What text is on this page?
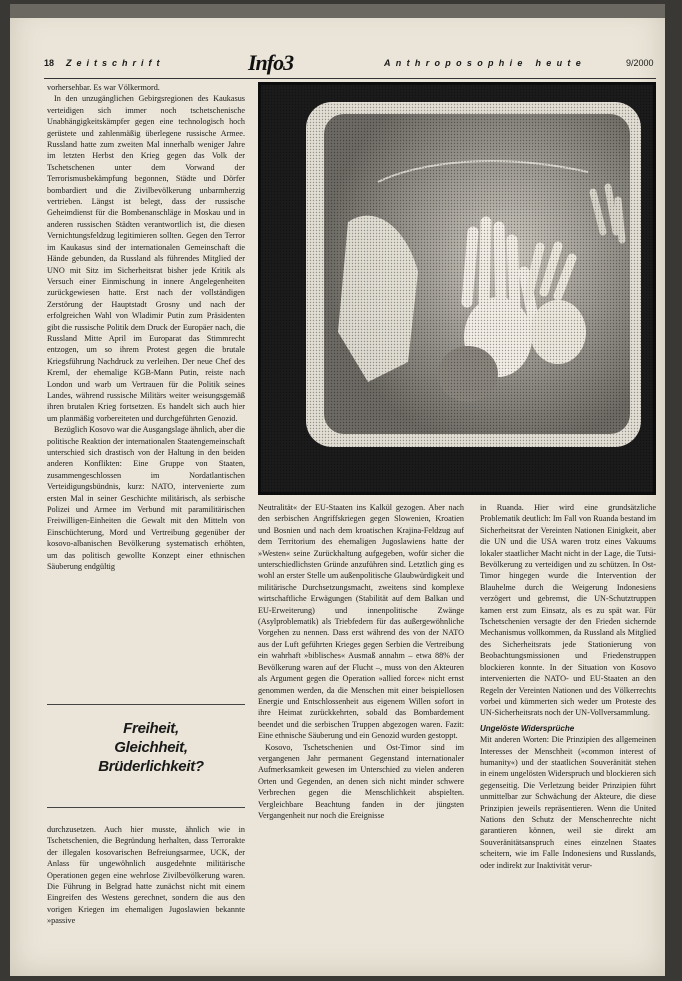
18 Zeitschrift	Info3	Anthroposophie heute	9/2000

vorhersehbar. Es war Völkermord.

In den unzugänglichen Gebirgsregionen des Kaukasus verteidigen sich immer noch tschetschenische Unabhängigkeitskämpfer gegen eine technologisch hoch gerüstete und zahlenmäßig überlegene russische Armee. Russland hatte zum zweiten Mal innerhalb weniger Jahre im letzten Herbst den Krieg gegen das Volk der Tschetschenen unter dem Vorwand der Terrorismusbekämpfung begonnen, Städte und Dörfer bombardiert und die Zivilbevölkerung unbarmherzig vertrieben. Längst ist belegt, dass der russische Geheimdienst für die Bombenanschläge in Moskau und in anderen russischen Städten verantwortlich ist, die diesen Vernichtungsfeldzug legitimieren sollten. Gegen den Terror im Kaukasus sind der internationalen Gemeinschaft die Hände gebunden, da Russland als führendes Mitglied der UNO mit Sitz im Sicherheitsrat bisher jede Kritik als Versuch einer Einmischung in innere Angelegenheiten zurückgewiesen hatte. Erst nach der vollständigen Zerstörung der Hauptstadt Grosny und nach der erfolgreichen Wahl von Wladimir Putin zum Präsidenten gibt die russische Politik dem Druck der Europäer nach, die Russland Mitte April im Europarat das Stimmrecht entzogen, um so ihrem Protest gegen die brutale Kriegsführung Nachdruck zu verleihen. Der neue Chef des Kreml, der ehemalige KGB-Mann Putin, reiste nach London und warb um Vertrauen für die Politik seines Landes, während russische Militärs weiter weisungsgemäß ihren brutalen Krieg fortsetzen. Es handelt sich auch hier um planmäßig vorbereiteten und durchgeführten Genozid.

Bezüglich Kosovo war die Ausgangslage ähnlich, aber die politische Reaktion der internationalen Staatengemeinschaft unterschied sich drastisch von der Haltung in den beiden anderen Konflikten: Eine Gruppe von Staaten, zusammengeschlossen im Nordatlantischen Verteidigungsbündnis, kurz: NATO, intervenierte zum ersten Mal in seiner Geschichte militärisch, als serbische Polizei und Armee im Verbund mit paramilitärischen Freiwilligen-Einheiten die Gewalt mit den Mitteln von Einschüchterung, Mord und Vertreibung gegenüber der kosovo-albanischen Bevölkerung systematisch erhöhten, um das politisch gewollte Konzept einer ethnischen Säuberung endgültig

Freiheit,
Gleichheit,
Brüderlichkeit?

durchzusetzen. Auch hier musste, ähnlich wie in Tschetschenien, die Begründung herhalten, dass Terroraktе der illegalen kosovarischen Befreiungsarmee, UCK, der Anlass für ungewöhnlich ausgedehnte militärische Operationen gegen eine wehrlose Zivilbevölkerung waren. Die Führung in Belgrad hatte zunächst nicht mit einem Eingreifen des Westens gerechnet, sondern die aus den vorigen Kriegen im ehemaligen Jugoslawien bekannte »passive

Neutralität« der EU-Staaten ins Kalkül gezogen. Aber nach den serbischen Angriffskriegen gegen Slowenien, Kroatien und Bosnien und nach dem kroatischen Krajina-Feldzug auf dem Territorium des ehemaligen Jugoslawiens hatte der »Westen« seine Zurückhaltung aufgegeben, wofür sicher die unterschiedlichsten Gründe anzuführen sind. Letztlich ging es wohl an erster Stelle um außenpolitische Glaubwürdigkeit und militärische Durchsetzungsmacht, zweitens sind komplexe wirtschaftliche Erwägungen (Stabilität auf dem Balkan und EU-Erweiterung) und innenpolitische Zwänge (Asylproblematik) als Triebfedern für das außergewöhnliche Vorgehen zu nennen. Dass erst während des von der NATO aus der Luft geführten Krieges gegen Serbien die Vertreibung ein wahrhaft »biblisches« Ausmaß annahm – etwa 88% der Bevölkerung waren auf der Flucht –, muss von den Akteuren als Argument gegen die Operation »allied force« nicht ernst genommen werden, da die Menschen mit einer beispiellosen Energie und Entschlossenheit aus eigenem Willen sofort in ihre Heimat zurückkehrten, sobald das Bombardement beendet und die serbischen Truppen abgezogen waren. Fazit: Eine ethnische Säuberung und ein Genozid wurden gestoppt.

Kosovo, Tschetschenien und Ost-Timor sind im vergangenen Jahr permanent Gegenstand internationaler Aufmerksamkeit gewesen im Unterschied zu vielen anderen Orten und Gegenden, an denen sich nicht minder schwere Verbrechen gegen die Menschlichkeit abspielten. Vergleichbare Beachtung fanden in der jüngsten Vergangenheit nur noch die Ereignisse

in Ruanda. Hier wird eine grundsätzliche Problematik deutlich: Im Fall von Ruanda bestand im Sicherheitsrat der Vereinten Nationen Einigkeit, aber die UN und die USA waren trotz eines Vakuums lokaler staatlicher Macht nicht in der Lage, die Tutsi-Bevölkerung zu verteidigen und zu schützen. In Ost-Timor hingegen wurde die Intervention der Blauhelme durch die Weigerung Indonesiens verzögert und gebremst, die UN-Schutztruppen kamen erst zum Einsatz, als es zu spät war. Für Tschetschenien versagte der den Frieden sichernde Mechanismus vollkommen, da Russland als Mitglied des Sicherheitsrats jede Stationierung von Beobachtungsmissionen und Friedenstruppen blockieren konnte. In der Situation von Kosovo intervenierten die NATO- und EU-Staaten an den Regeln der Vereinten Nationen und des Völkerrechts vorbei und kümmerten sich weder um Proteste des UN-Sicherheitsrats noch der UN-Vollversammlung.

Ungelöste Widersprüche

Mit anderen Worten: Die Prinzipien des allgemeinen Interesses der Menschheit (»common interest of humanity«) und der staatlichen Souveränität stehen in einem ungelösten Widerspruch und blockieren sich gegenseitig. Die Verletzung beider Prinzipien führt unmittelbar zur Schwächung der Akteure, die diese Prinzipien jeweils repräsentieren. Wenn die United Nations den Schutz der Menschenrechte nicht garantieren können, weil sie direkt am Souveränitätsanspruch eines einzelnen Staates scheitern, wie im Falle Indonesiens und Russlands, oder indirekt zur Inaktivität verur-
